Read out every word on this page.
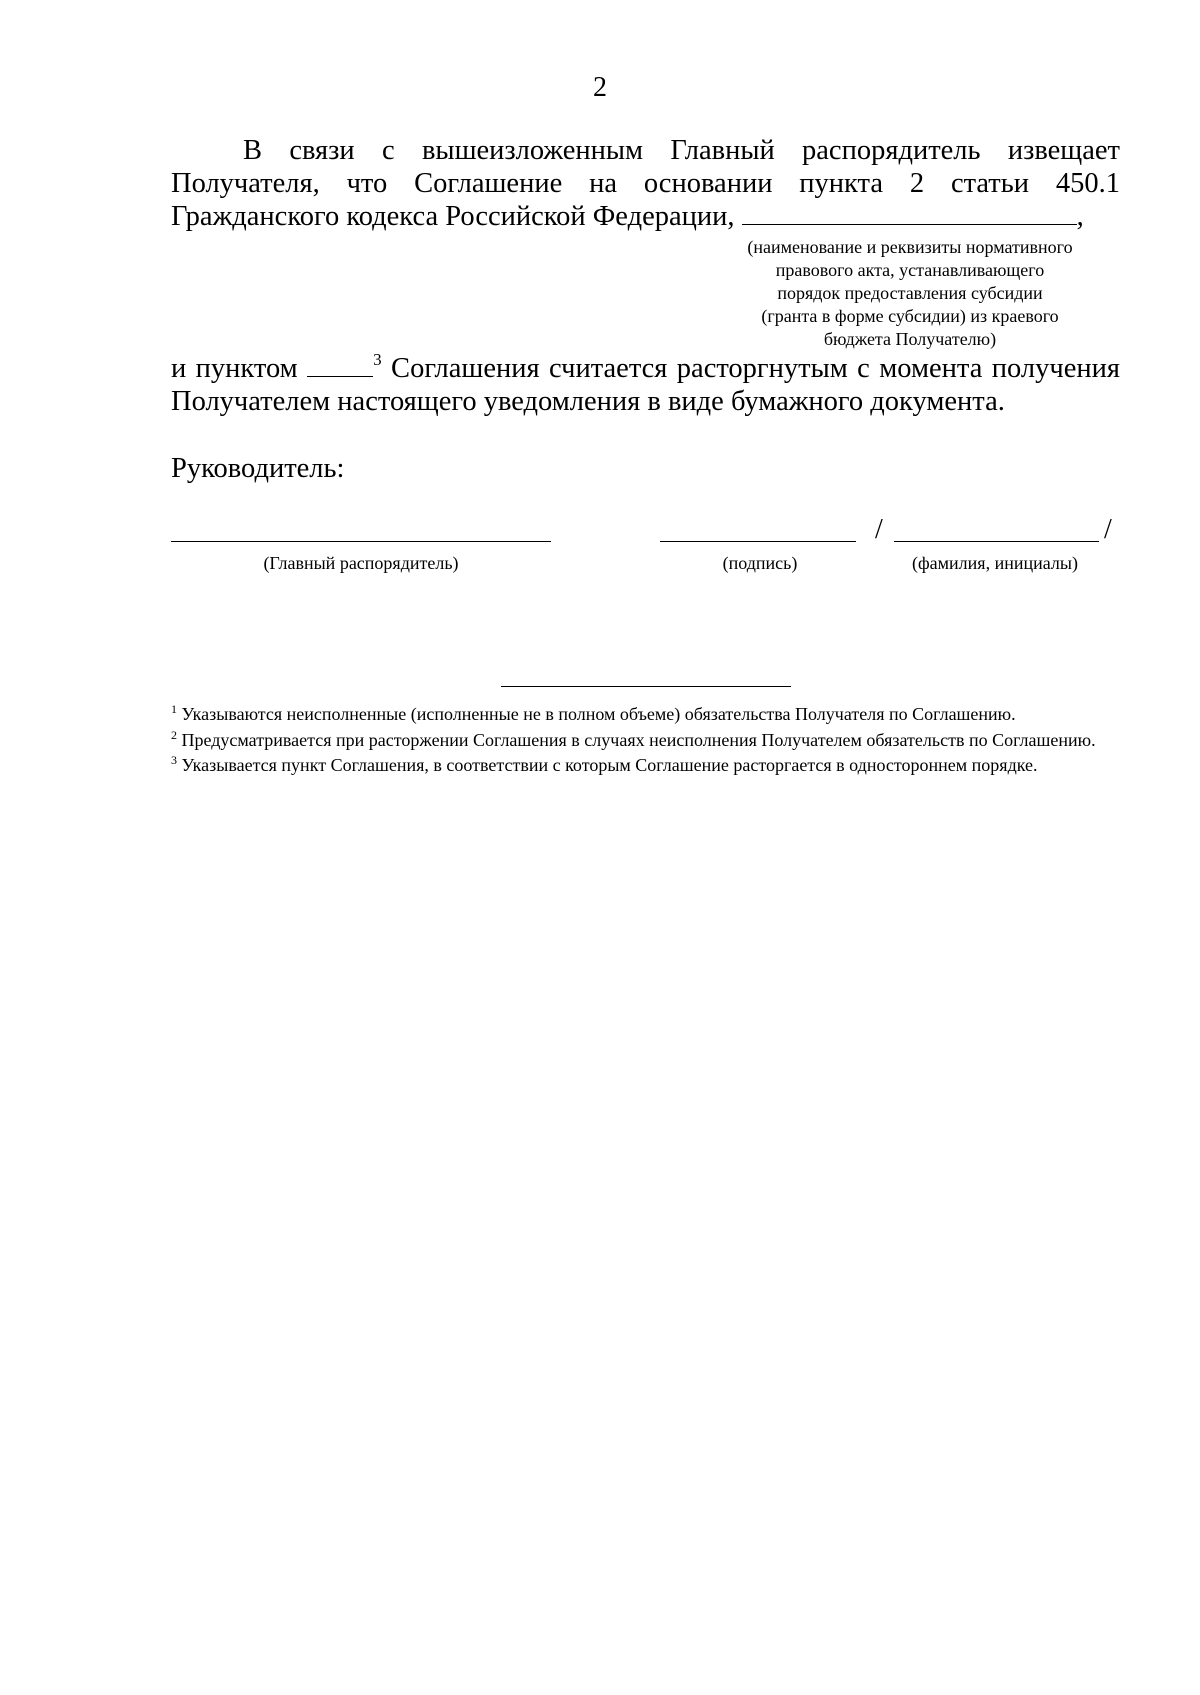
2
В связи с вышеизложенным Главный распорядитель извещает
Получателя, что Соглашение на основании пункта 2 статьи 450.1
Гражданского кодекса Российской Федерации,	,
(наименование и реквизиты нормативного
правового акта, устанавливающего
порядок предоставления субсидии
(гранта в форме субсидии) из краевого
бюджета Получателю)
и пунктом	$^3$ Соглашения считается расторгнутым с момента получения
Получателем настоящего уведомления в виде бумажного документа.
Руководитель:
/	/
(Главный распорядитель)	(подпись)	(фамилия, инициалы)

$^1$ Указываются неисполненные (исполненные не в полном объеме) обязательства Получателя по Соглашению.

$^2$ Предусматривается при расторжении Соглашения в случаях неисполнения Получателем обязательств по Соглашению.

$^3$ Указывается пункт Соглашения, в соответствии с которым Соглашение расторгается в одностороннем порядке.
